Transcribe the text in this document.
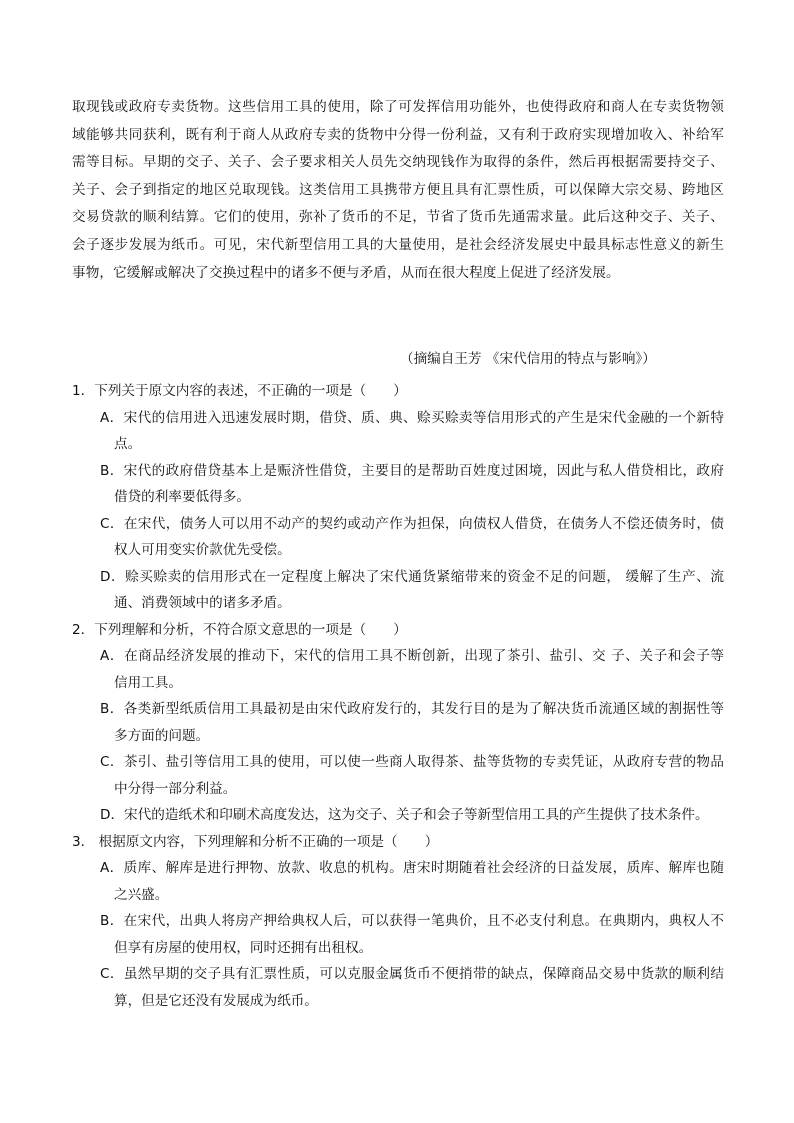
取现钱或政府专卖货物。这些信用工具的使用，除了可发挥信用功能外，也使得政府和商人在专卖货物领

域能够共同获利，既有利于商人从政府专卖的货物中分得一份利益，又有利于政府实现增加收入、补给军

需等目标。早期的交子、关子、会子要求相关人员先交纳现钱作为取得的条件，然后再根据需要持交子、

关子、会子到指定的地区兑取现钱。这类信用工具携带方便且具有汇票性质，可以保障大宗交易、跨地区

交易贷款的顺利结算。它们的使用，弥补了货币的不足，节省了货币先通需求量。此后这种交子、关子、

会子逐步发展为纸币。可见，宋代新型信用工具的大量使用，是社会经济发展史中最具标志性意义的新生

事物，它缓解或解决了交换过程中的诸多不便与矛盾，从而在很大程度上促进了经济发展。

（摘编自王芳 《宋代信用的特点与影响》）
1．下列关于原文内容的表述，不正确的一项是（　　）
A．宋代的信用进入迅速发展时期，借贷、质、典、赊买赊卖等信用形式的产生是宋代金融的一个新特
点。
B．宋代的政府借贷基本上是赈济性借贷，主要目的是帮助百姓度过困境，因此与私人借贷相比，政府
借贷的利率要低得多。
C．在宋代，债务人可以用不动产的契约或动产作为担保，向债权人借贷，在债务人不偿还债务时，债
权人可用变实价款优先受偿。
D．赊买赊卖的信用形式在一定程度上解决了宋代通货紧缩带来的资金不足的问题， 缓解了生产、流
通、消费领域中的诸多矛盾。
2．下列理解和分析，不符合原文意思的一项是（　　）
A．在商品经济发展的推动下，宋代的信用工具不断创新，出现了茶引、盐引、交 子、关子和会子等
信用工具。
B．各类新型纸质信用工具最初是由宋代政府发行的，其发行目的是为了解决货币流通区域的割据性等
多方面的问题。
C．茶引、盐引等信用工具的使用，可以使一些商人取得茶、盐等货物的专卖凭证，从政府专营的物品
中分得一部分利益。
D．宋代的造纸术和印刷术高度发达，这为交子、关子和会子等新型信用工具的产生提供了技术条件。
3． 根据原文内容，下列理解和分析不正确的一项是（　　）
A．质库、解库是进行押物、放款、收息的机构。唐宋时期随着社会经济的日益发展，质库、解库也随
之兴盛。
B．在宋代，出典人将房产押给典权人后，可以获得一笔典价，且不必支付利息。在典期内，典权人不
但享有房屋的使用权，同时还拥有出租权。
C．虽然早期的交子具有汇票性质，可以克服金属货币不便捎带的缺点，保障商品交易中货款的顺利结
算，但是它还没有发展成为纸币。
